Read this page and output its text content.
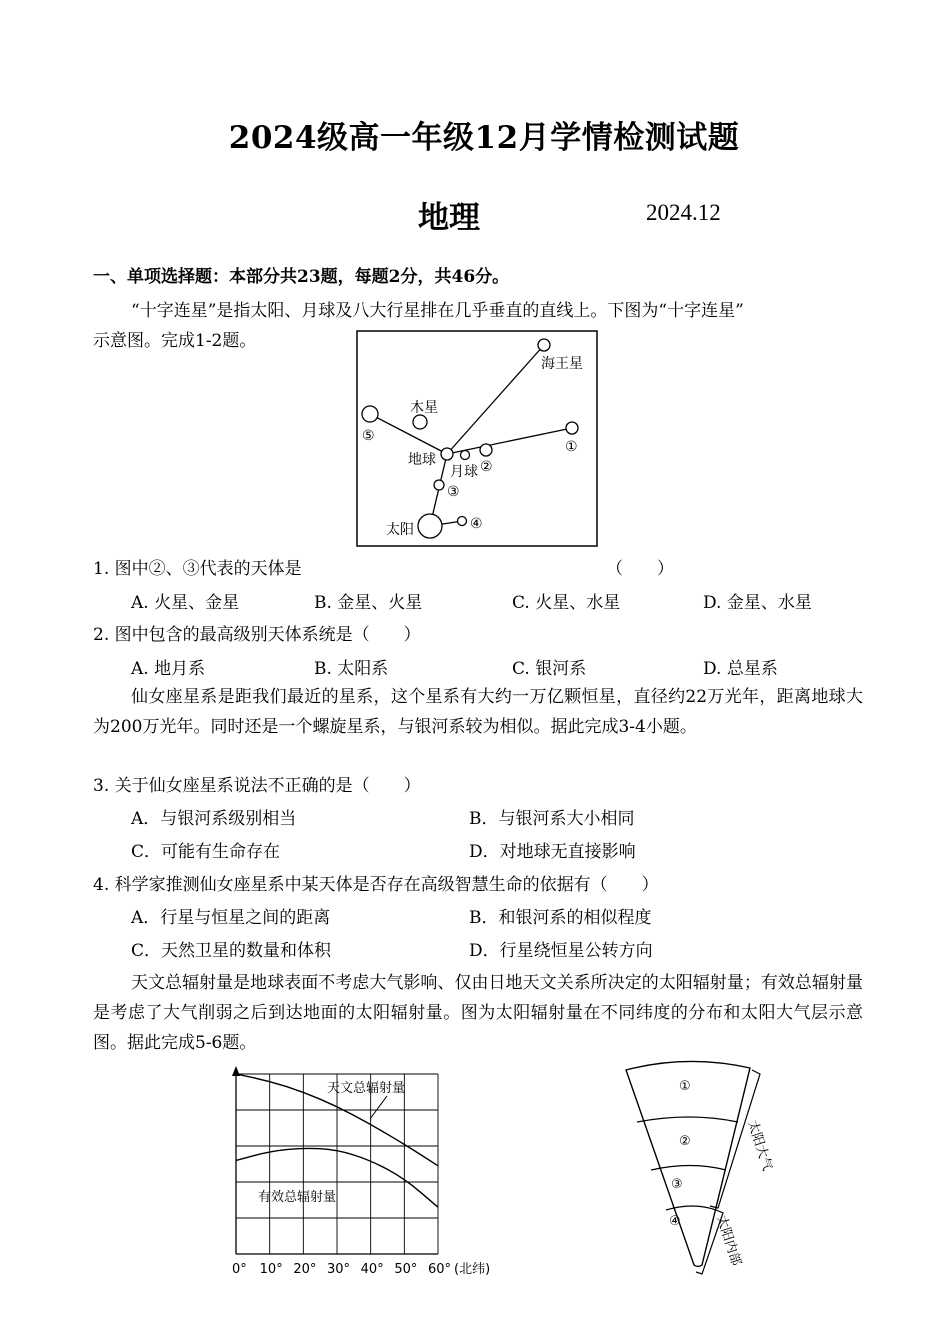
2024级高一年级12月学情检测试题
地理	2024.12
一、单项选择题：本部分共23题，每题2分，共46分。
“十字连星”是指太阳、月球及八大行星排在几乎垂直的直线上。下图为“十字连星”
示意图。完成1-2题。
海王星
木星
地球
月球
太阳
①
②
③
④
⑤
1. 图中②、③代表的天体是	（　　）
A. 火星、金星	B. 金星、火星	C. 火星、水星	D. 金星、水星
2. 图中包含的最高级别天体系统是（　　）
A. 地月系	B. 太阳系	C. 银河系	D. 总星系
仙女座星系是距我们最近的星系，这个星系有大约一万亿颗恒星，直径约22万光年，距离地球大为200万光年。同时还是一个螺旋星系，与银河系较为相似。据此完成3-4小题。
3. 关于仙女座星系说法不正确的是（　　）
A．与银河系级别相当	B．与银河系大小相同
C．可能有生命存在	D．对地球无直接影响
4. 科学家推测仙女座星系中某天体是否存在高级智慧生命的依据有（　　）
A．行星与恒星之间的距离	B．和银河系的相似程度
C．天然卫星的数量和体积	D．行星绕恒星公转方向
天文总辐射量是地球表面不考虑大气影响、仅由日地天文关系所决定的太阳辐射量；有效总辐射量是考虑了大气削弱之后到达地面的太阳辐射量。图为太阳辐射量在不同纬度的分布和太阳大气层示意图。据此完成5-6题。
0° 10° 20° 30° 40° 50° 60°
天文总辐射量
有效总辐射量
(北纬)
①
②
③
④
太阳大气
太阳内部
